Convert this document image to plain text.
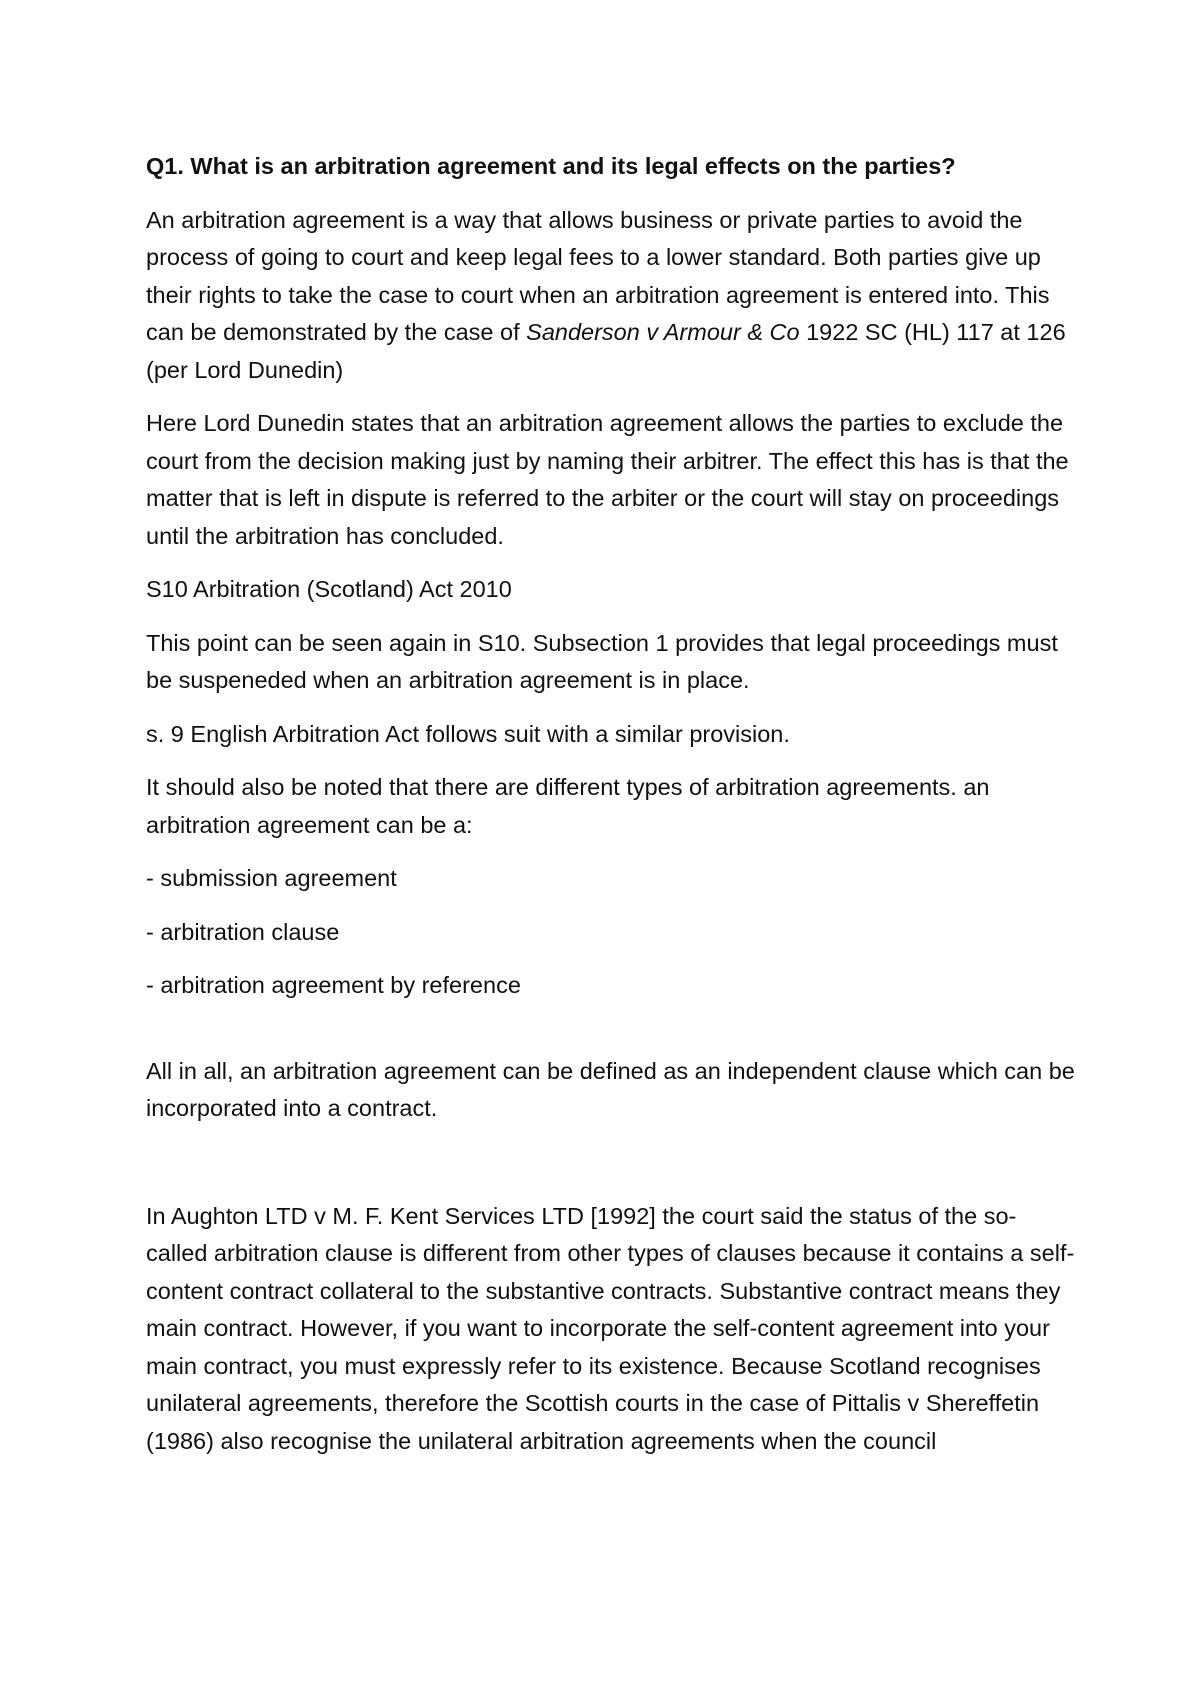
Q1. What is an arbitration agreement and its legal effects on the parties?

An arbitration agreement is a way that allows business or private parties to avoid the process of going to court and keep legal fees to a lower standard. Both parties give up their rights to take the case to court when an arbitration agreement is entered into. This can be demonstrated by the case of Sanderson v Armour & Co 1922 SC (HL) 117 at 126 (per Lord Dunedin)

Here Lord Dunedin states that an arbitration agreement allows the parties to exclude the court from the decision making just by naming their arbitrer. The effect this has is that the matter that is left in dispute is referred to the arbiter or the court will stay on proceedings until the arbitration has concluded.

S10 Arbitration (Scotland) Act 2010

This point can be seen again in S10. Subsection 1 provides that legal proceedings must be suspeneded when an arbitration agreement is in place.

s. 9 English Arbitration Act follows suit with a similar provision.

It should also be noted that there are different types of arbitration agreements. an arbitration agreement can be a:

- submission agreement

- arbitration clause

- arbitration agreement by reference

All in all, an arbitration agreement can be defined as an independent clause which can be incorporated into a contract.

In Aughton LTD v M. F. Kent Services LTD [1992] the court said the status of the so-called arbitration clause is different from other types of clauses because it contains a self-content contract collateral to the substantive contracts. Substantive contract means they main contract. However, if you want to incorporate the self-content agreement into your main contract, you must expressly refer to its existence. Because Scotland recognises unilateral agreements, therefore the Scottish courts in the case of Pittalis v Shereffetin (1986) also recognise the unilateral arbitration agreements when the council
